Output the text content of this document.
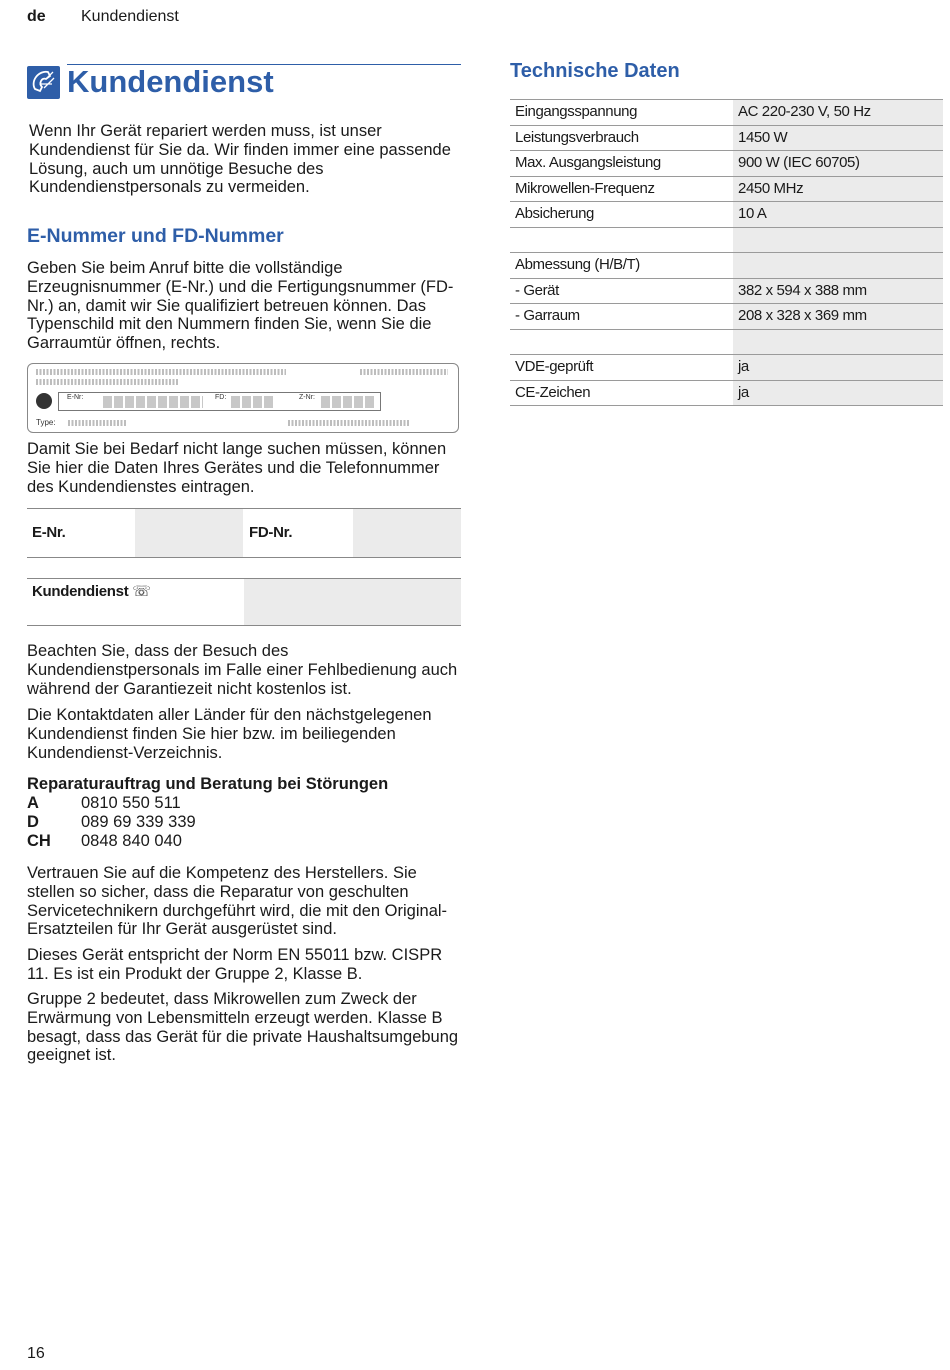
de Kundendienst
Kundendienst

Wenn Ihr Gerät repariert werden muss, ist unser Kundendienst für Sie da. Wir finden immer eine passende Lösung, auch um unnötige Besuche des Kundendienstpersonals zu vermeiden.

E-Nummer und FD-Nummer

Geben Sie beim Anruf bitte die vollständige Erzeugnisnummer (E-Nr.) und die Fertigungsnummer (FD-Nr.) an, damit wir Sie qualifiziert betreuen können. Das Typenschild mit den Nummern finden Sie, wenn Sie die Garraumtür öffnen, rechts.

E-Nr:	FD:	Z-Nr:
Type:

Damit Sie bei Bedarf nicht lange suchen müssen, können Sie hier die Daten Ihres Gerätes und die Telefonnummer des Kundendienstes eintragen.

E-Nr.	FD-Nr.
Kundendienst ☏

Beachten Sie, dass der Besuch des Kundendienstpersonals im Falle einer Fehlbedienung auch während der Garantiezeit nicht kostenlos ist.

Die Kontaktdaten aller Länder für den nächstgelegenen Kundendienst finden Sie hier bzw. im beiliegenden Kundendienst-Verzeichnis.

Reparaturauftrag und Beratung bei Störungen
A	0810 550 511
D	089 69 339 339
CH 0848 840 040

Vertrauen Sie auf die Kompetenz des Herstellers. Sie stellen so sicher, dass die Reparatur von geschulten Servicetechnikern durchgeführt wird, die mit den Original-Ersatzteilen für Ihr Gerät ausgerüstet sind.

Dieses Gerät entspricht der Norm EN 55011 bzw. CISPR 11. Es ist ein Produkt der Gruppe 2, Klasse B.

Gruppe 2 bedeutet, dass Mikrowellen zum Zweck der Erwärmung von Lebensmitteln erzeugt werden. Klasse B besagt, dass das Gerät für die private Haushaltsumgebung geeignet ist.

Technische Daten
Eingangsspannung	AC 220-230 V, 50 Hz
Leistungsverbrauch	1450 W
Max. Ausgangsleistung	900 W (IEC 60705)
Mikrowellen-Frequenz	2450 MHz
Absicherung	10 A
Abmessung (H/B/T)
- Gerät	382 x 594 x 388 mm
- Garraum	208 x 328 x 369 mm
VDE-geprüft	ja
CE-Zeichen	ja
16
